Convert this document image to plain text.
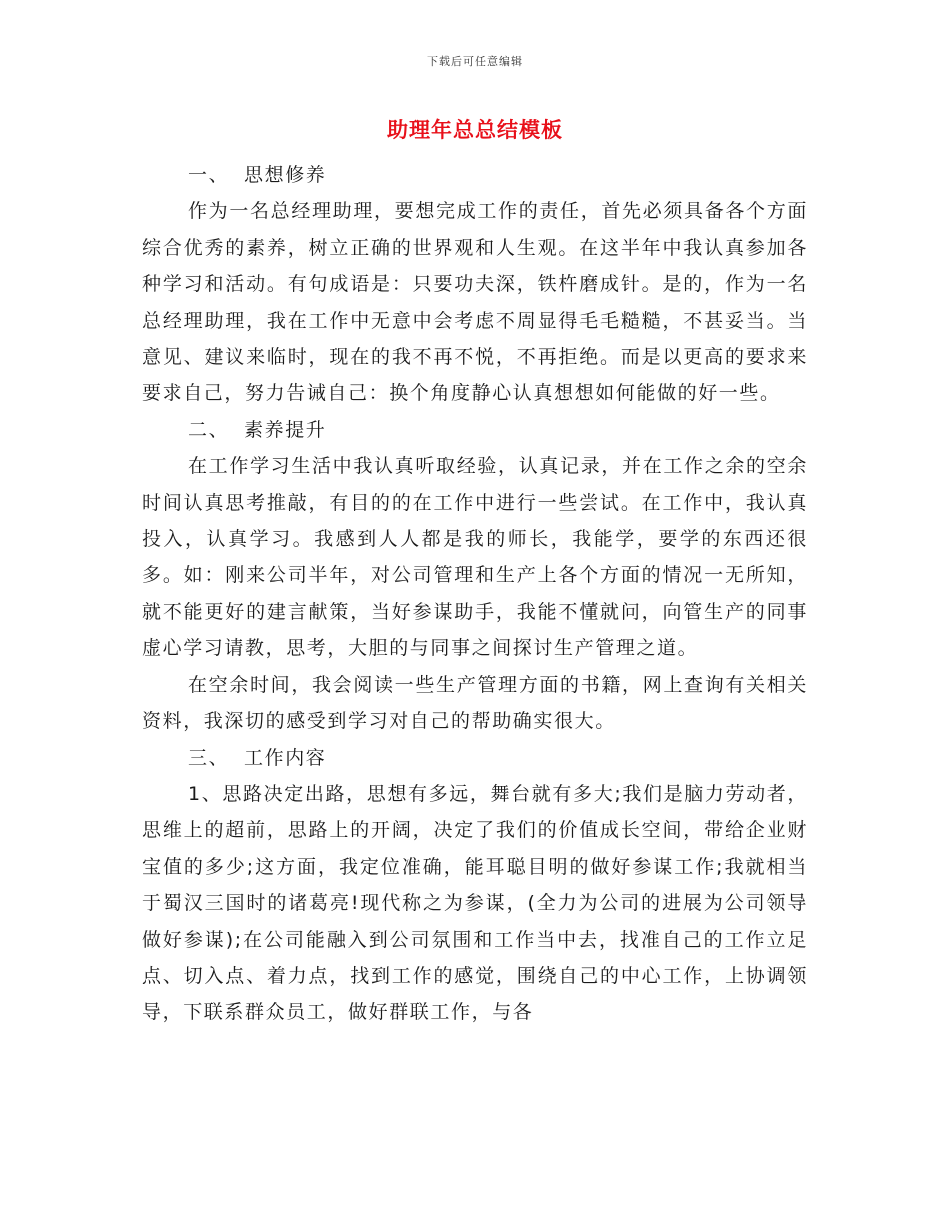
下载后可任意编辑
助理年总总结模板

一、 思想修养

作为一名总经理助理，要想完成工作的责任，首先必须具备各个方面综合优秀的素养，树立正确的世界观和人生观。在这半年中我认真参加各种学习和活动。有句成语是：只要功夫深，铁杵磨成针。是的，作为一名总经理助理，我在工作中无意中会考虑不周显得毛毛糙糙，不甚妥当。当意见、建议来临时，现在的我不再不悦，不再拒绝。而是以更高的要求来要求自己，努力告诫自己：换个角度静心认真想想如何能做的好一些。

二、 素养提升

在工作学习生活中我认真听取经验，认真记录，并在工作之余的空余时间认真思考推敲，有目的的在工作中进行一些尝试。在工作中，我认真投入，认真学习。我感到人人都是我的师长，我能学，要学的东西还很多。如：刚来公司半年，对公司管理和生产上各个方面的情况一无所知，就不能更好的建言献策，当好参谋助手，我能不懂就问，向管生产的同事虚心学习请教，思考，大胆的与同事之间探讨生产管理之道。

在空余时间，我会阅读一些生产管理方面的书籍，网上查询有关相关资料，我深切的感受到学习对自己的帮助确实很大。

三、 工作内容

1、思路决定出路，思想有多远，舞台就有多大;我们是脑力劳动者，思维上的超前，思路上的开阔，决定了我们的价值成长空间，带给企业财宝值的多少;这方面，我定位准确，能耳聪目明的做好参谋工作;我就相当于蜀汉三国时的诸葛亮!现代称之为参谋，(全力为公司的进展为公司领导做好参谋);在公司能融入到公司氛围和工作当中去，找准自己的工作立足点、切入点、着力点，找到工作的感觉，围绕自己的中心工作，上协调领导，下联系群众员工，做好群联工作，与各
